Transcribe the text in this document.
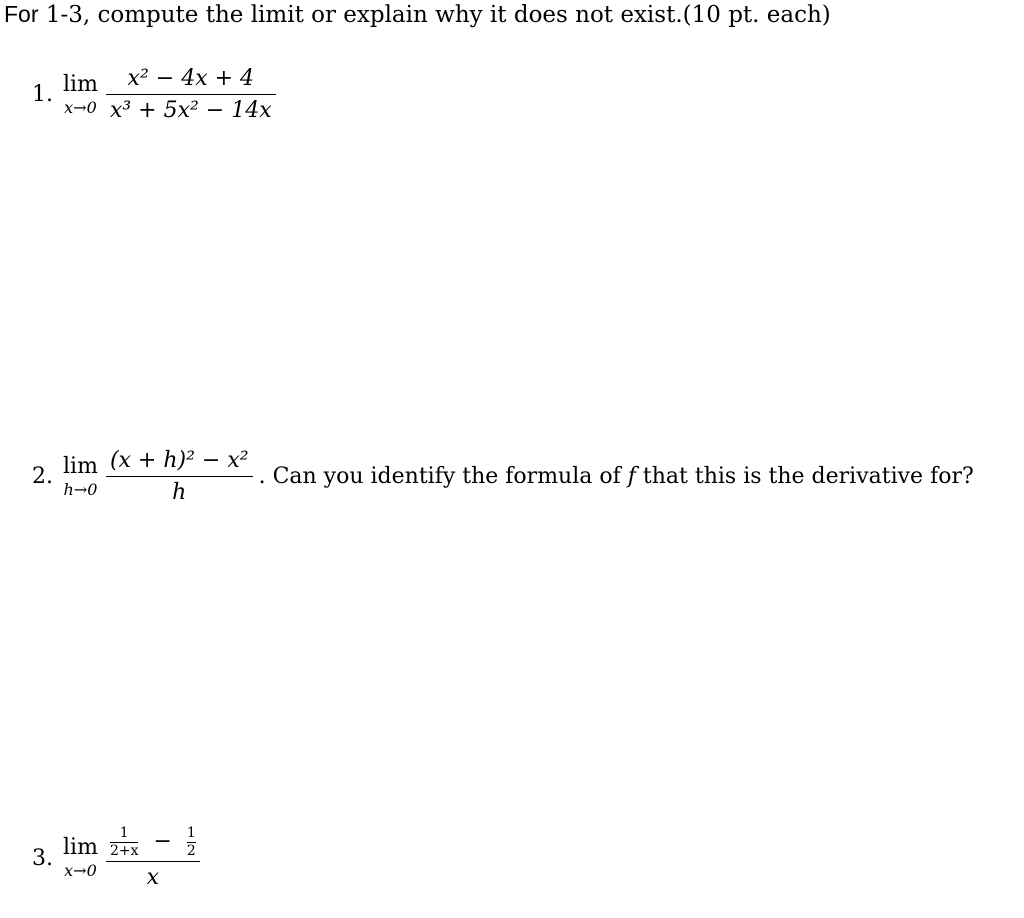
For 1-3, compute the limit or explain why it does not exist.(10 pt. each)
1. lim
$x\to 0 \frac{\text{x² − 4x + 4}}{\text{x³ + 5x² − 14x}}$
2. lim
$h\to 0 \frac{\text{(x + h)² − x²}}{h}$ . Can you identify the formula of f that this is the derivative for?
3. lim
x→0
$\frac{1}{2+x} - \frac{1}{2}$
x
